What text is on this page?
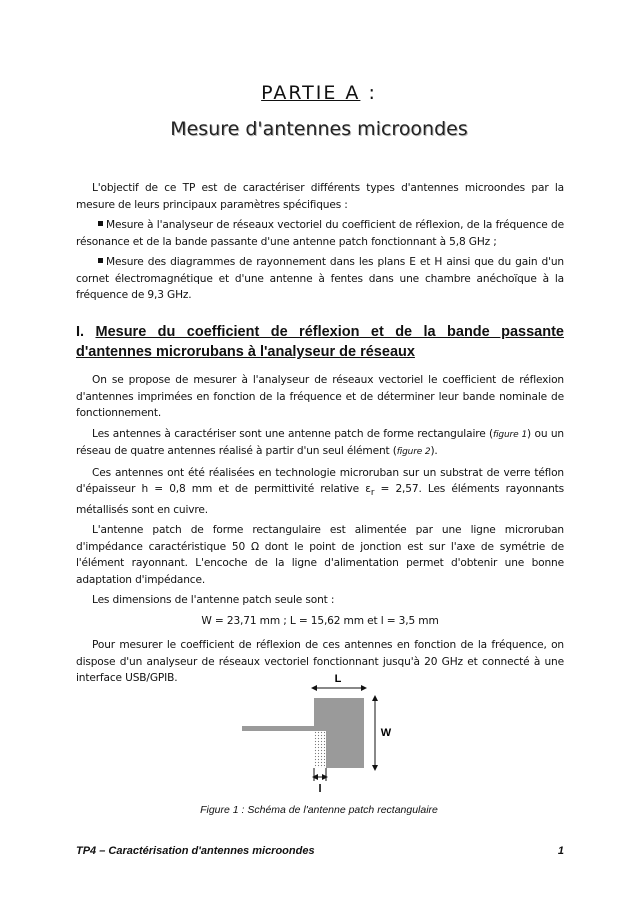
PARTIE A :
Mesure d'antennes microondes

L'objectif de ce TP est de caractériser différents types d'antennes microondes par la mesure de leurs principaux paramètres spécifiques :

Mesure à l'analyseur de réseaux vectoriel du coefficient de réflexion, de la fréquence de résonance et de la bande passante d'une antenne patch fonctionnant à 5,8 GHz ;

Mesure des diagrammes de rayonnement dans les plans E et H ainsi que du gain d'un cornet électromagnétique et d'une antenne à fentes dans une chambre anéchoïque à la fréquence de 9,3 GHz.

I. Mesure du coefficient de réflexion et de la bande passante d'antennes microrubans à l'analyseur de réseaux

On se propose de mesurer à l'analyseur de réseaux vectoriel le coefficient de réflexion d'antennes imprimées en fonction de la fréquence et de déterminer leur bande nominale de fonctionnement.

Les antennes à caractériser sont une antenne patch de forme rectangulaire (figure 1) ou un réseau de quatre antennes réalisé à partir d'un seul élément (figure 2).

Ces antennes ont été réalisées en technologie microruban sur un substrat de verre téflon d'épaisseur h = 0,8 mm et de permittivité relative $\varepsilon_r = 2,57$. Les éléments rayonnants métallisés sont en cuivre.

L'antenne patch de forme rectangulaire est alimentée par une ligne microruban d'impédance caractéristique 50 Ω dont le point de jonction est sur l'axe de symétrie de l'élément rayonnant. L'encoche de la ligne d'alimentation permet d'obtenir une bonne adaptation d'impédance.

Les dimensions de l'antenne patch seule sont :

W = 23,71 mm ; L = 15,62 mm et l = 3,5 mm

Pour mesurer le coefficient de réflexion de ces antennes en fonction de la fréquence, on dispose d'un analyseur de réseaux vectoriel fonctionnant jusqu'à 20 GHz et connecté à une interface USB/GPIB.	L
W
l
Figure 1 : Schéma de l'antenne patch rectangulaire
TP4 – Caractérisation d'antennes microondes	1
